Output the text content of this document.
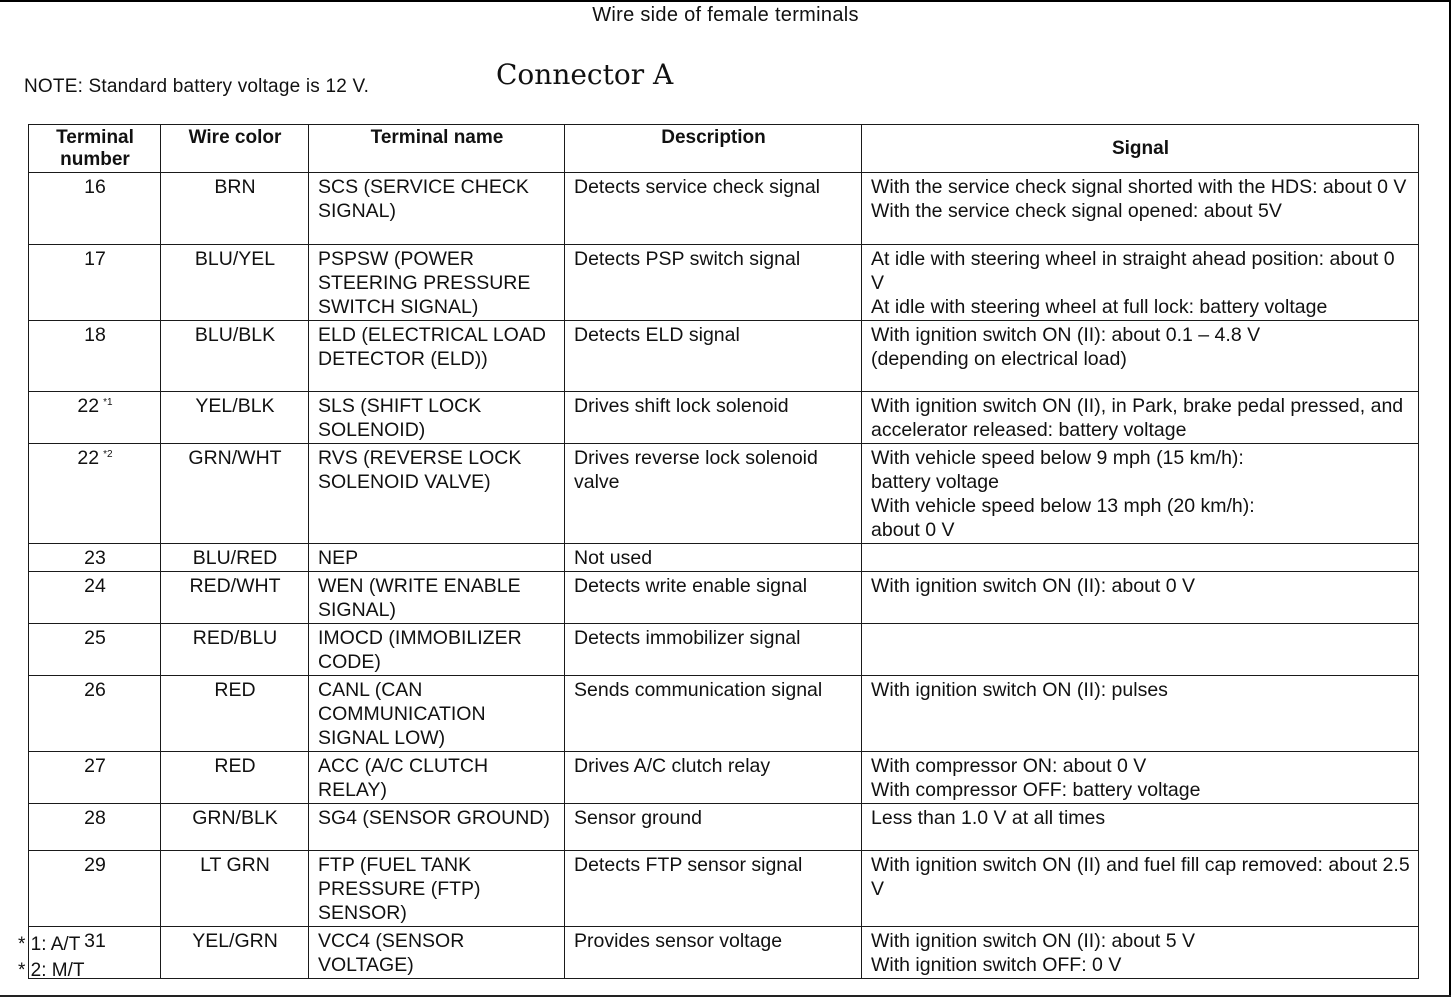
Wire side of female terminals
NOTE: Standard battery voltage is 12 V.	Connector A
Terminal number	Wire color	Terminal name	Description	Signal
16	BRN	SCS (SERVICE CHECK SIGNAL)	Detects service check signal	With the service check signal shorted with the HDS: about 0 V
With the service check signal opened: about 5V
17	BLU/YEL	PSPSW (POWER STEERING PRESSURE SWITCH SIGNAL)	Detects PSP switch signal	At idle with steering wheel in straight ahead position: about 0 V
At idle with steering wheel at full lock: battery voltage
18	BLU/BLK	ELD (ELECTRICAL LOAD DETECTOR (ELD))	Detects ELD signal	With ignition switch ON (II): about 0.1 – 4.8 V
(depending on electrical load)
22 $^{*1}$	YEL/BLK	SLS (SHIFT LOCK SOLENOID)	Drives shift lock solenoid	With ignition switch ON (II), in Park, brake pedal pressed, and accelerator released: battery voltage
22 $^{*2}$	GRN/WHT	RVS (REVERSE LOCK SOLENOID VALVE)	Drives reverse lock solenoid valve	With vehicle speed below 9 mph (15 km/h):
battery voltage
With vehicle speed below 13 mph (20 km/h):
about 0 V
23	BLU/RED	NEP	Not used	
24	RED/WHT	WEN (WRITE ENABLE SIGNAL)	Detects write enable signal	With ignition switch ON (II): about 0 V
25	RED/BLU	IMOCD (IMMOBILIZER CODE)	Detects immobilizer signal	
26	RED	CANL (CAN COMMUNICATION SIGNAL LOW)	Sends communication signal	With ignition switch ON (II): pulses
27	RED	ACC (A/C CLUTCH RELAY)	Drives A/C clutch relay	With compressor ON: about 0 V
With compressor OFF: battery voltage
28	GRN/BLK	SG4 (SENSOR GROUND)	Sensor ground	Less than 1.0 V at all times
29	LT GRN	FTP (FUEL TANK PRESSURE (FTP) SENSOR)	Detects FTP sensor signal	With ignition switch ON (II) and fuel fill cap removed: about 2.5 V
31	YEL/GRN	VCC4 (SENSOR VOLTAGE)	Provides sensor voltage	With ignition switch ON (II): about 5 V
With ignition switch OFF: 0 V
* 1: A/T
* 2: M/T
